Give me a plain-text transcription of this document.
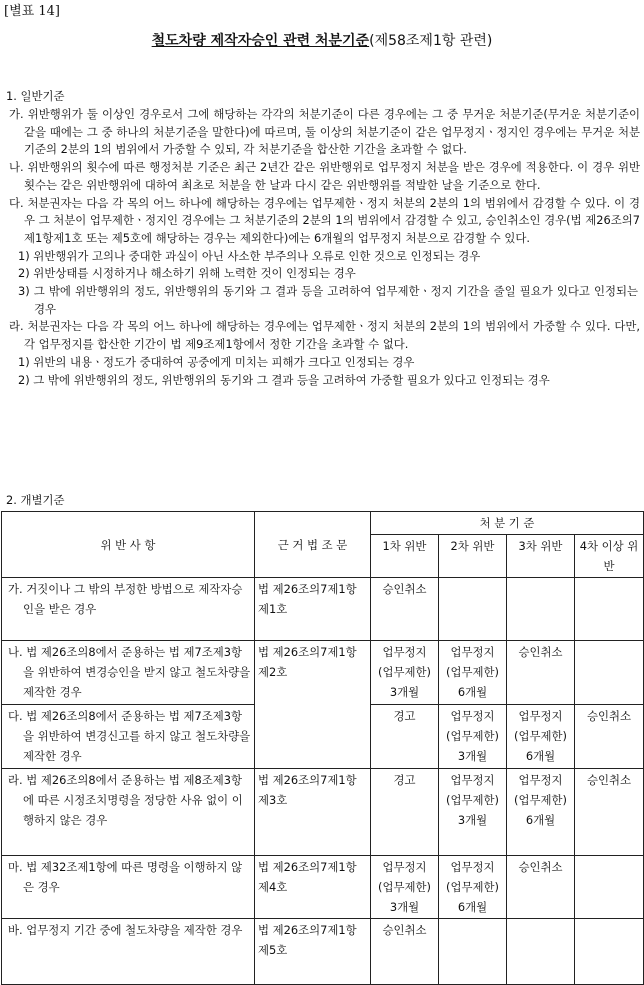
[별표 14]
철도차량 제작자승인 관련 처분기준(제58조제1항 관련)
1. 일반기준
가. 위반행위가 둘 이상인 경우로서 그에 해당하는 각각의 처분기준이 다른 경우에는 그 중 무거운 처분기준(무거운 처분기준이 같을 때에는 그 중 하나의 처분기준을 말한다)에 따르며, 둘 이상의 처분기준이 같은 업무정지ㆍ정지인 경우에는 무거운 처분기준의 2분의 1의 범위에서 가중할 수 있되, 각 처분기준을 합산한 기간을 초과할 수 없다.
나. 위반행위의 횟수에 따른 행정처분 기준은 최근 2년간 같은 위반행위로 업무정지 처분을 받은 경우에 적용한다. 이 경우 위반횟수는 같은 위반행위에 대하여 최초로 처분을 한 날과 다시 같은 위반행위를 적발한 날을 기준으로 한다.
다. 처분권자는 다음 각 목의 어느 하나에 해당하는 경우에는 업무제한ㆍ정지 처분의 2분의 1의 범위에서 감경할 수 있다. 이 경우 그 처분이 업무제한ㆍ정지인 경우에는 그 처분기준의 2분의 1의 범위에서 감경할 수 있고, 승인취소인 경우(법 제26조의7제1항제1호 또는 제5호에 해당하는 경우는 제외한다)에는 6개월의 업무정지 처분으로 감경할 수 있다.
1) 위반행위가 고의나 중대한 과실이 아닌 사소한 부주의나 오류로 인한 것으로 인정되는 경우
2) 위반상태를 시정하거나 해소하기 위해 노력한 것이 인정되는 경우
3) 그 밖에 위반행위의 정도, 위반행위의 동기와 그 결과 등을 고려하여 업무제한ㆍ정지 기간을 줄일 필요가 있다고 인정되는 경우
라. 처분권자는 다음 각 목의 어느 하나에 해당하는 경우에는 업무제한ㆍ정지 처분의 2분의 1의 범위에서 가중할 수 있다. 다만, 각 업무정지를 합산한 기간이 법 제9조제1항에서 정한 기간을 초과할 수 없다.
1) 위반의 내용ㆍ정도가 중대하여 공중에게 미치는 피해가 크다고 인정되는 경우
2) 그 밖에 위반행위의 정도, 위반행위의 동기와 그 결과 등을 고려하여 가중할 필요가 있다고 인정되는 경우
2. 개별기준
위 반 사 항	근 거 법 조 문	처 분 기 준			
		1차 위반	2차 위반	3차 위반	4차 이상 위반

가. 거짓이나 그 밖의 부정한 방법으로 제작자승인을 받은 경우	법 제26조의7제1항제1호	승인취소			

나. 법 제26조의8에서 준용하는 법 제7조제3항을 위반하여 변경승인을 받지 않고 철도차량을 제작한 경우	법 제26조의7제1항제2호	업무정지 (업무제한) 3개월	업무정지 (업무제한) 6개월	승인취소	

다. 법 제26조의8에서 준용하는 법 제7조제3항을 위반하여 변경신고를 하지 않고 철도차량을 제작한 경우		경고	업무정지 (업무제한) 3개월	업무정지 (업무제한) 6개월	승인취소

라. 법 제26조의8에서 준용하는 법 제8조제3항에 따른 시정조치명령을 정당한 사유 없이 이행하지 않은 경우	법 제26조의7제1항제3호	경고	업무정지 (업무제한) 3개월	업무정지 (업무제한) 6개월	승인취소

마. 법 제32조제1항에 따른 명령을 이행하지 않은 경우	법 제26조의7제1항제4호	업무정지 (업무제한) 3개월	업무정지 (업무제한) 6개월	승인취소	

바. 업무정지 기간 중에 철도차량을 제작한 경우	법 제26조의7제1항제5호	승인취소			
